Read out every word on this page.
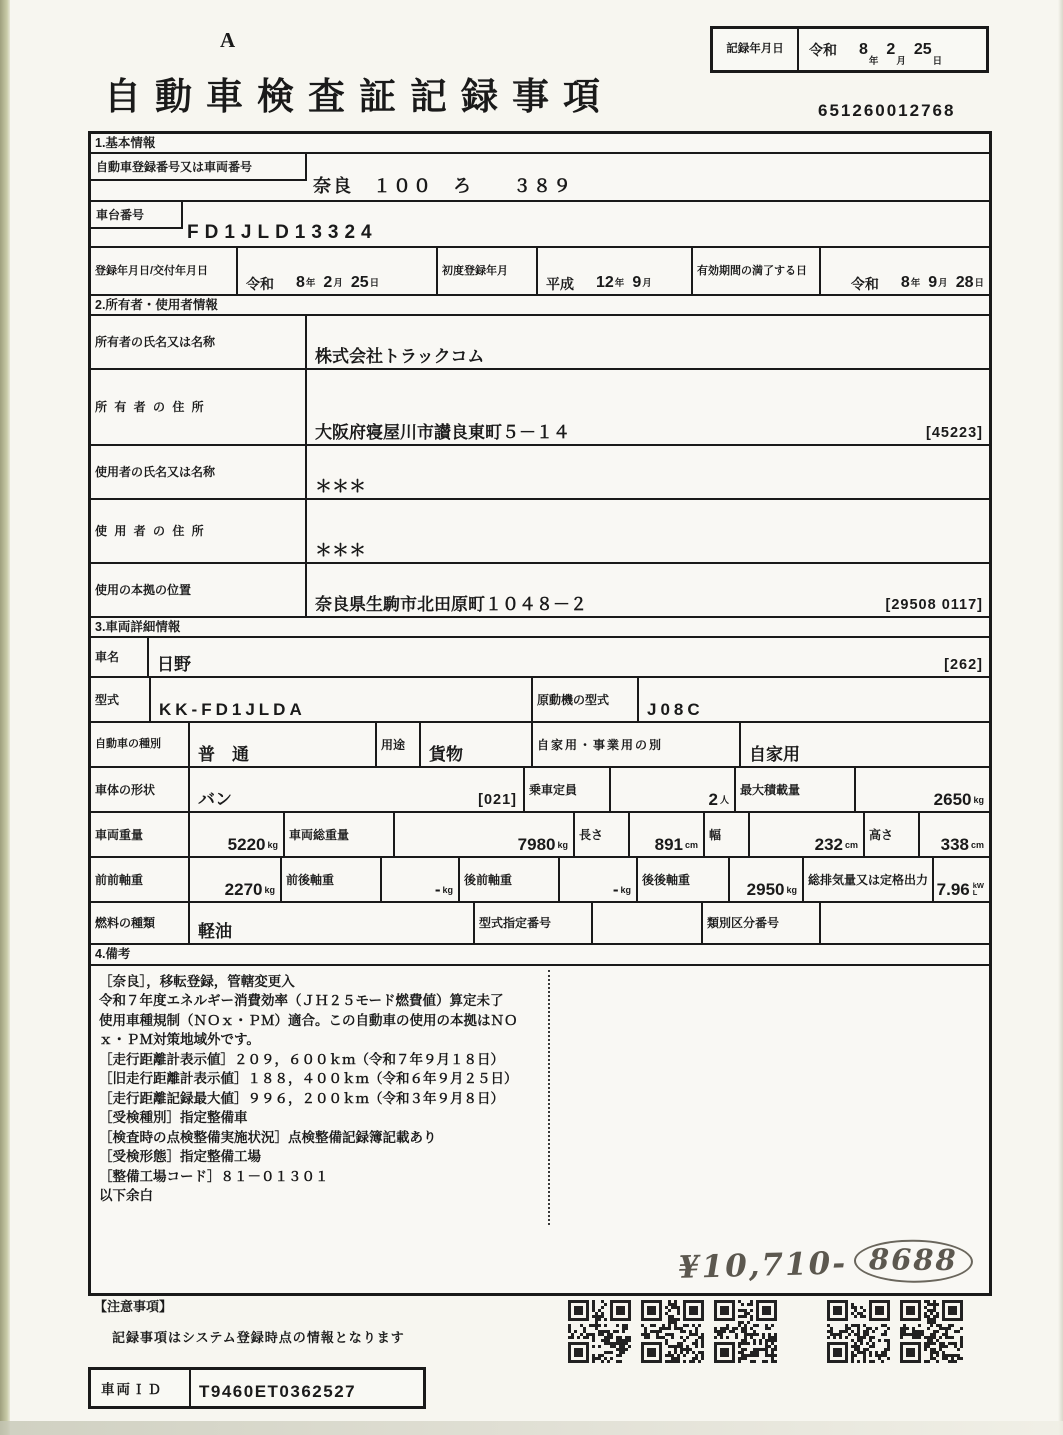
A
自動車検査証記録事項	651260012768
記録年月日	令和 8
年
2
月
25
日
1.基本情報
自動車登録番号又は車両番号
奈良　１００　ろ　　３８９
車台番号
FD1JLD13324
登録年月日/交付年月日
令和 8 年 2 月 25 日
初度登録年月
平成 12 年 9 月
有効期間の満了する日
令和 8 年 9 月 28 日
2.所有者・使用者情報
所有者の氏名又は名称
株式会社トラックコム
所 有 者 の 住 所
大阪府寝屋川市讃良東町５－１４	[45223]
使用者の氏名又は名称
＊＊＊
使 用 者 の 住 所
＊＊＊
使用の本拠の位置
奈良県生駒市北田原町１０４８－２	[29508 0117]
3.車両詳細情報
車名	日野	[262]
型式
KK-FD1JLDA
原動機の型式
J08C
自動車の種別
普　通
用途
貨物
自家用・事業用の別
自家用
車体の形状
バン	[021]
乗車定員
2 人
最大積載量
2650 kg
車両重量
5220 kg
車両総重量
7980 kg
長さ
891 cm
幅
232 cm
高さ
338 cm
前前軸重
2270 kg
前後軸重
- kg
後前軸重
- kg
後後軸重
2950 kg
総排気量又は定格出力
7.96 kW
L
燃料の種類	軽油	型式指定番号	類別区分番号
4.備考
［奈良］，移転登録，管轄変更入
令和７年度エネルギー消費効率（ＪＨ２５モード燃費値）算定未了
使用車種規制（ＮＯｘ・ＰＭ）適合。この自動車の使用の本拠はＮＯｘ・ＰＭ対策地域外です。
［走行距離計表示値］２０９，６００ｋｍ（令和７年９月１８日）
［旧走行距離計表示値］１８８，４００ｋｍ（令和６年９月２５日）
［走行距離記録最大値］９９６，２００ｋｍ（令和３年９月８日）
［受検種別］指定整備車
［検査時の点検整備実施状況］点検整備記録簿記載あり
［受検形態］指定整備工場
［整備工場コード］８１－０１３０１
以下余白
¥10,710- 8688
【注意事項】
記録事項はシステム登録時点の情報となります
車両ＩＤ	T9460ET0362527
